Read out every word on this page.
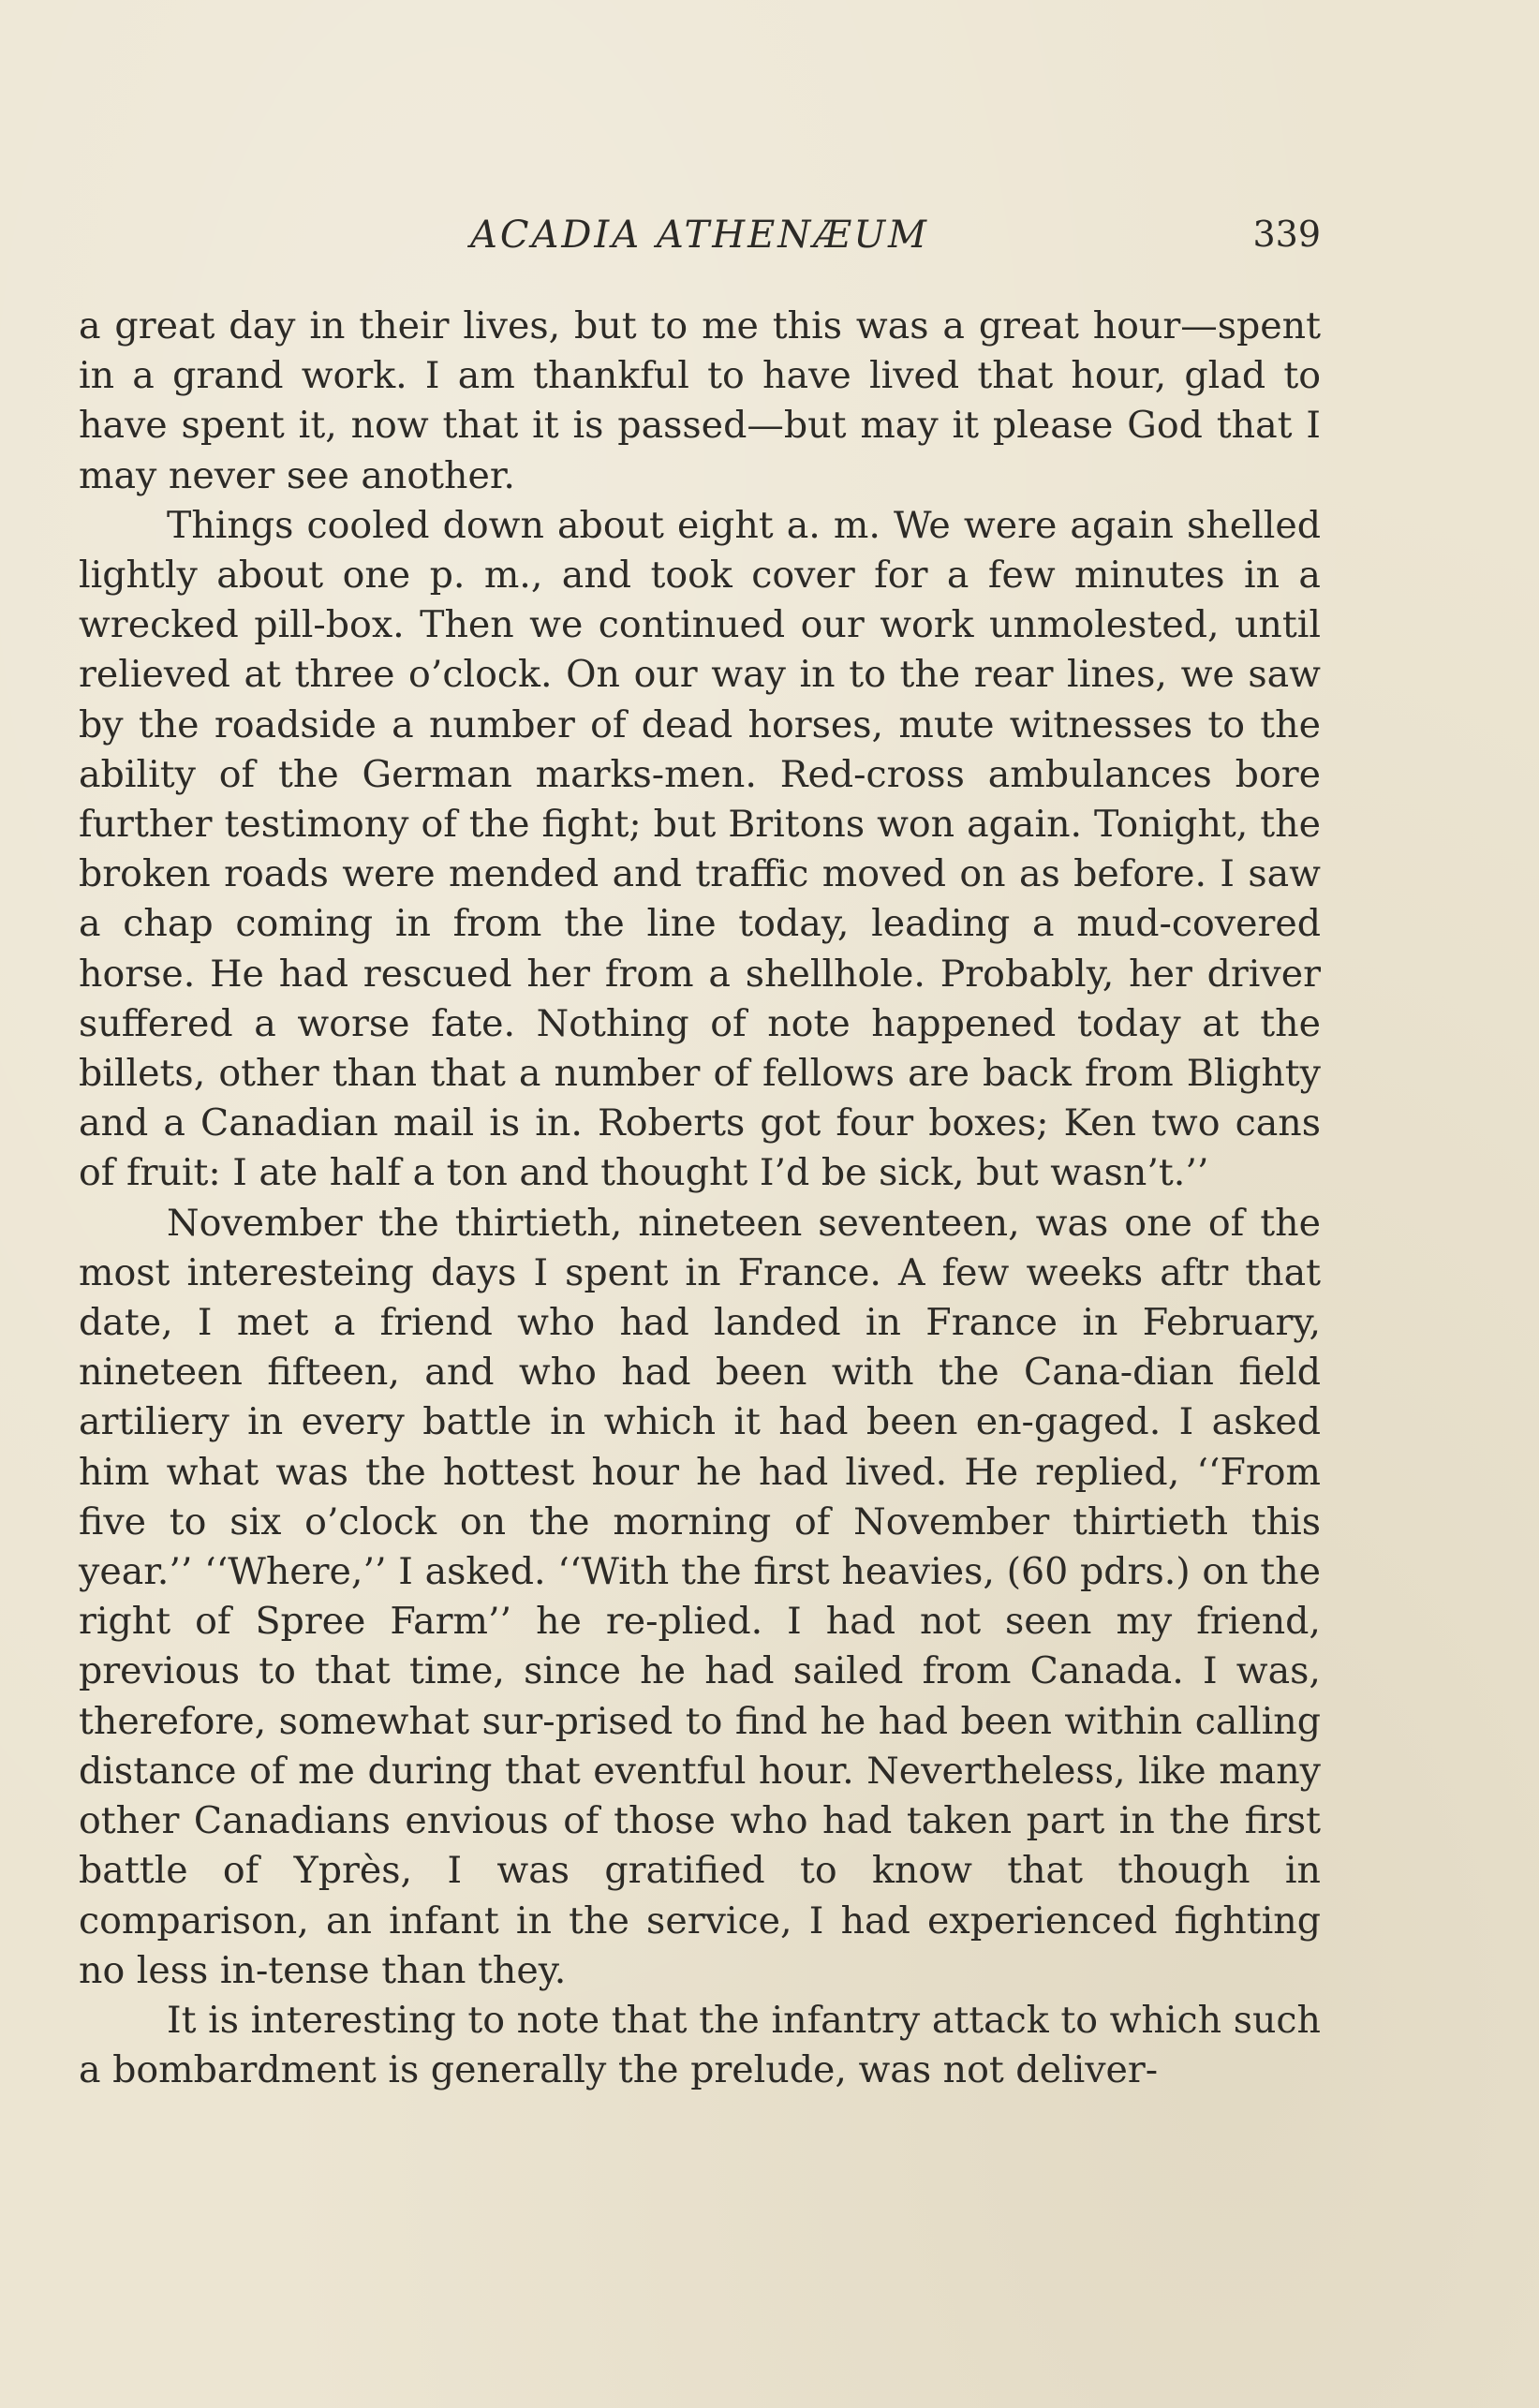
ACADIA ATHENÆUM	339

a great day in their lives, but to me this was a great hour—spent in a grand work. I am thankful to have lived that hour, glad to have spent it, now that it is passed—but may it please God that I may never see another.

Things cooled down about eight a. m. We were again shelled lightly about one p. m., and took cover for a few minutes in a wrecked pill-box. Then we continued our work unmolested, until relieved at three o’clock. On our way in to the rear lines, we saw by the roadside a number of dead horses, mute witnesses to the ability of the German marks-men. Red-cross ambulances bore further testimony of the fight; but Britons won again. Tonight, the broken roads were mended and traffic moved on as before. I saw a chap coming in from the line today, leading a mud-covered horse. He had rescued her from a shellhole. Probably, her driver suffered a worse fate. Nothing of note happened today at the billets, other than that a number of fellows are back from Blighty and a Canadian mail is in. Roberts got four boxes; Ken two cans of fruit: I ate half a ton and thought I’d be sick, but wasn’t.’’

November the thirtieth, nineteen seventeen, was one of the most interesteing days I spent in France. A few weeks aftr that date, I met a friend who had landed in France in February, nineteen fifteen, and who had been with the Cana-dian field artiliery in every battle in which it had been en-gaged. I asked him what was the hottest hour he had lived. He replied, ‘‘From five to six o’clock on the morning of November thirtieth this year.’’ ‘‘Where,’’ I asked. ‘‘With the first heavies, (60 pdrs.) on the right of Spree Farm’’ he re-plied. I had not seen my friend, previous to that time, since he had sailed from Canada. I was, therefore, somewhat sur-prised to find he had been within calling distance of me during that eventful hour. Nevertheless, like many other Canadians envious of those who had taken part in the first battle of Yprès, I was gratified to know that though in comparison, an infant in the service, I had experienced fighting no less in-tense than they.

It is interesting to note that the infantry attack to which such a bombardment is generally the prelude, was not deliver-
